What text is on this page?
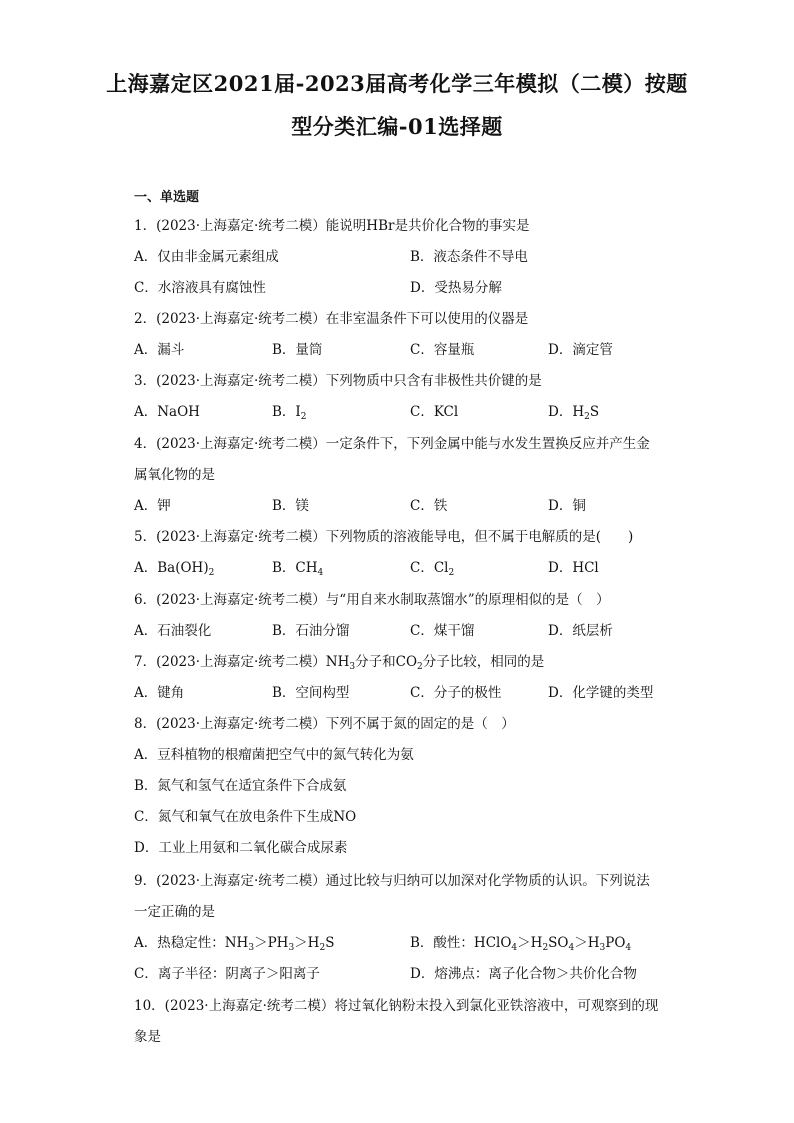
上海嘉定区2021届-2023届高考化学三年模拟（二模）按题
型分类汇编-01选择题
一、单选题
1．(2023·上海嘉定·统考二模）能说明HBr是共价化合物的事实是
A．仅由非金属元素组成	B．液态条件不导电
C．水溶液具有腐蚀性	D．受热易分解
2．(2023·上海嘉定·统考二模）在非室温条件下可以使用的仪器是
A．漏斗	B．量筒	C．容量瓶	D．滴定管
3．(2023·上海嘉定·统考二模）下列物质中只含有非极性共价键的是
A．NaOH	B．$I_2$	C．KCl	D．$H_2S$
4．(2023·上海嘉定·统考二模）一定条件下，下列金属中能与水发生置换反应并产生金
属氧化物的是
A．钾	B．镁	C．铁	D．铜
5．(2023·上海嘉定·统考二模）下列物质的溶液能导电，但不属于电解质的是(　　)
A．$Ba(OH)_2$	B．$CH_4$	C．$Cl_2$	D．HCl
6．(2023·上海嘉定·统考二模）与“用自来水制取蒸馏水”的原理相似的是（　）
A．石油裂化	B．石油分馏	C．煤干馏	D．纸层析
7．(2023·上海嘉定·统考二模）$NH_3$分子和$CO_2$分子比较，相同的是
A．键角	B．空间构型	C．分子的极性	D．化学键的类型
8．(2023·上海嘉定·统考二模）下列不属于氮的固定的是（　）
A．豆科植物的根瘤菌把空气中的氮气转化为氨
B．氮气和氢气在适宜条件下合成氨
C．氮气和氧气在放电条件下生成NO
D．工业上用氨和二氧化碳合成尿素
9．(2023·上海嘉定·统考二模）通过比较与归纳可以加深对化学物质的认识。下列说法
一定正确的是
A．热稳定性：$NH_3>PH_3>H_2S$	B．酸性：$HClO_4>H_2SO_4>H_3PO_4$
C．离子半径：阴离子＞阳离子	D．熔沸点：离子化合物＞共价化合物
10．(2023·上海嘉定·统考二模）将过氧化钠粉末投入到氯化亚铁溶液中，可观察到的现
象是
